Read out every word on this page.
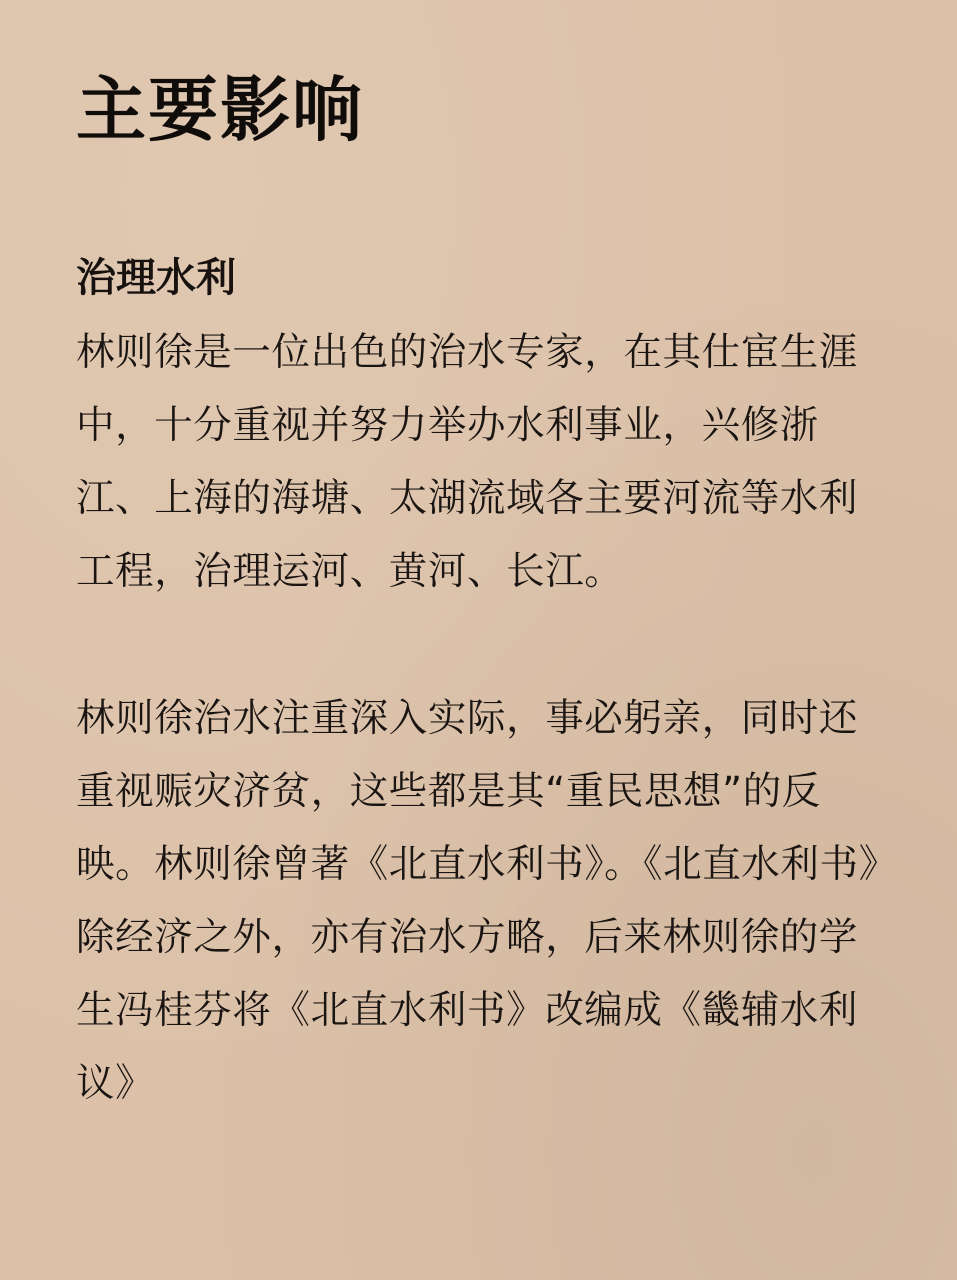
主要影响
治理水利

林则徐是一位出色的治水专家，在其仕宦生涯中，十分重视并努力举办水利事业，兴修浙江、上海的海塘、太湖流域各主要河流等水利工程，治理运河、黄河、长江。

林则徐治水注重深入实际，事必躬亲，同时还重视赈灾济贫，这些都是其“重民思想”的反映。林则徐曾著《北直水利书》。《北直水利书》除经济之外，亦有治水方略，后来林则徐的学生冯桂芬将《北直水利书》改编成《畿辅水利议》
